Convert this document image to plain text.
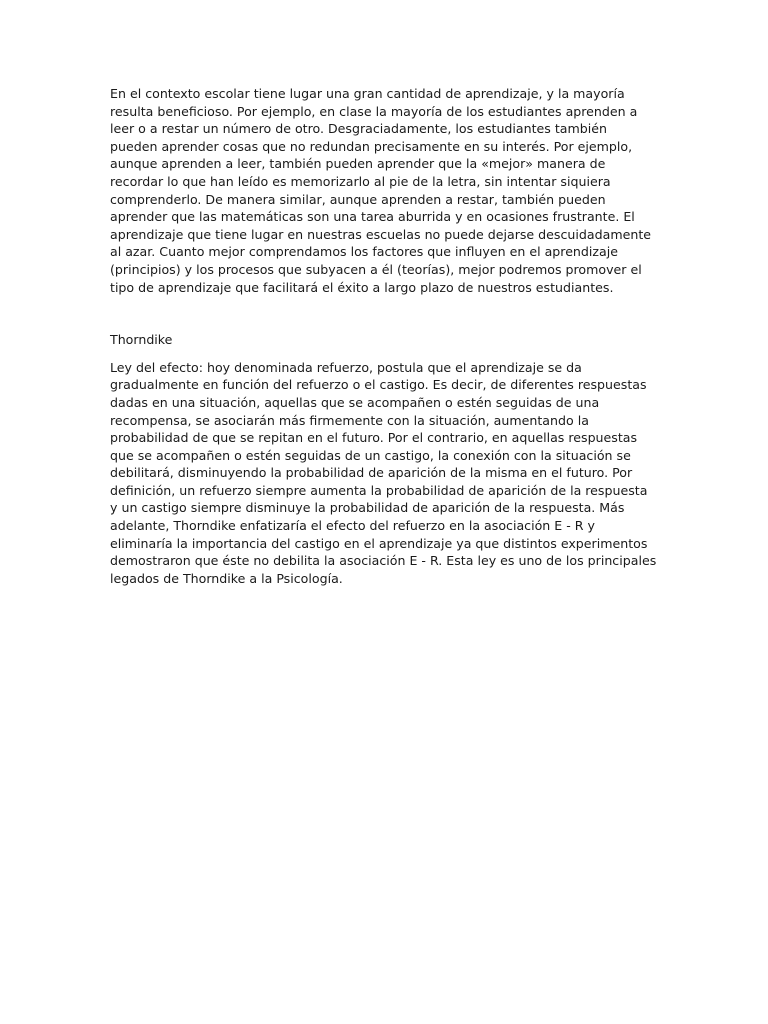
En el contexto escolar tiene lugar una gran cantidad de aprendizaje, y la mayoría resulta beneficioso. Por ejemplo, en clase la mayoría de los estudiantes aprenden a leer o a restar un número de otro. Desgraciadamente, los estudiantes también pueden aprender cosas que no redundan precisamente en su interés. Por ejemplo, aunque aprenden a leer, también pueden aprender que la «mejor» manera de recordar lo que han leído es memorizarlo al pie de la letra, sin intentar siquiera comprenderlo. De manera similar, aunque aprenden a restar, también pueden aprender que las matemáticas son una tarea aburrida y en ocasiones frustrante. El aprendizaje que tiene lugar en nuestras escuelas no puede dejarse descuidadamente al azar. Cuanto mejor comprendamos los factores que influyen en el aprendizaje (principios) y los procesos que subyacen a él (teorías), mejor podremos promover el tipo de aprendizaje que facilitará el éxito a largo plazo de nuestros estudiantes.

Thorndike

Ley del efecto: hoy denominada refuerzo, postula que el aprendizaje se da gradualmente en función del refuerzo o el castigo. Es decir, de diferentes respuestas dadas en una situación, aquellas que se acompañen o estén seguidas de una recompensa, se asociarán más firmemente con la situación, aumentando la probabilidad de que se repitan en el futuro. Por el contrario, en aquellas respuestas que se acompañen o estén seguidas de un castigo, la conexión con la situación se debilitará, disminuyendo la probabilidad de aparición de la misma en el futuro. Por definición, un refuerzo siempre aumenta la probabilidad de aparición de la respuesta y un castigo siempre disminuye la probabilidad de aparición de la respuesta. Más adelante, Thorndike enfatizaría el efecto del refuerzo en la asociación E - R y eliminaría la importancia del castigo en el aprendizaje ya que distintos experimentos demostraron que éste no debilita la asociación E - R. Esta ley es uno de los principales legados de Thorndike a la Psicología.
